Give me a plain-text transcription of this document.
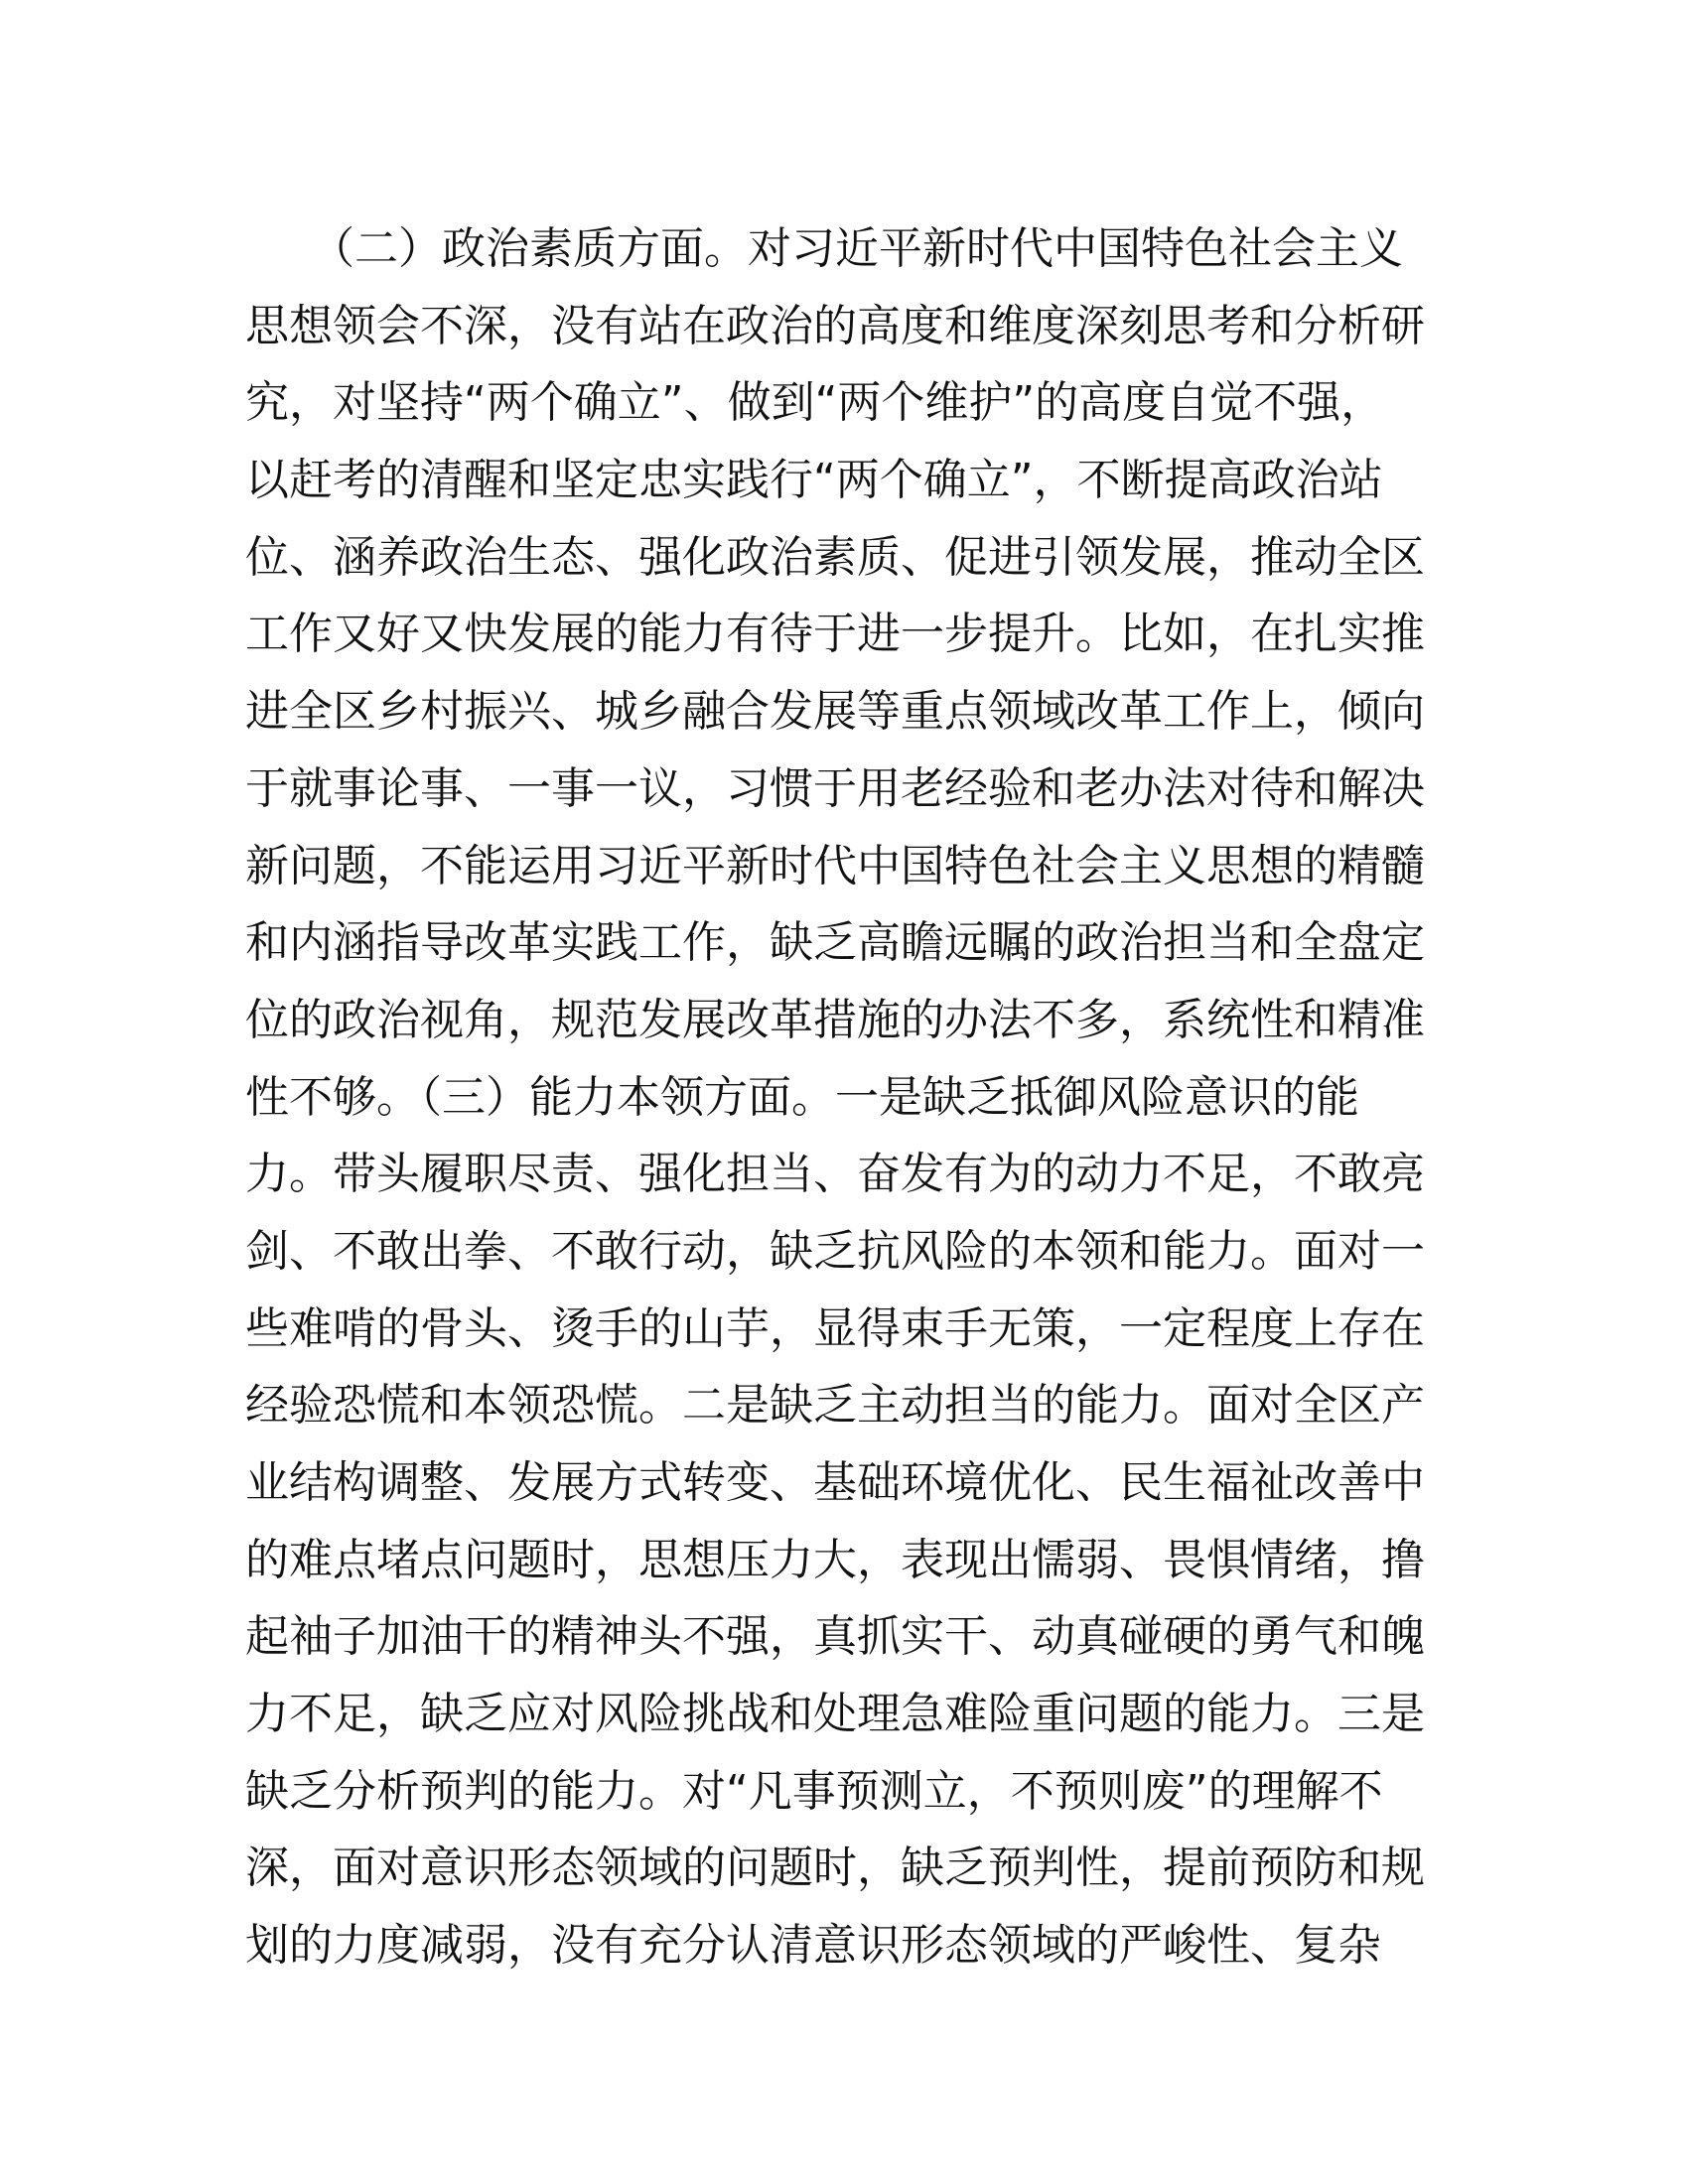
　　（二）政治素质方面。对习近平新时代中国特色社会主义
思想领会不深，没有站在政治的高度和维度深刻思考和分析研
究，对坚持“两个确立”、做到“两个维护”的高度自觉不强，
以赶考的清醒和坚定忠实践行“两个确立”，不断提高政治站
位、涵养政治生态、强化政治素质、促进引领发展，推动全区
工作又好又快发展的能力有待于进一步提升。比如，在扎实推
进全区乡村振兴、城乡融合发展等重点领域改革工作上，倾向
于就事论事、一事一议，习惯于用老经验和老办法对待和解决
新问题，不能运用习近平新时代中国特色社会主义思想的精髓
和内涵指导改革实践工作，缺乏高瞻远瞩的政治担当和全盘定
位的政治视角，规范发展改革措施的办法不多，系统性和精准
性不够。（三）能力本领方面。一是缺乏抵御风险意识的能
力。带头履职尽责、强化担当、奋发有为的动力不足，不敢亮
剑、不敢出拳、不敢行动，缺乏抗风险的本领和能力。面对一
些难啃的骨头、烫手的山芋，显得束手无策，一定程度上存在
经验恐慌和本领恐慌。二是缺乏主动担当的能力。面对全区产
业结构调整、发展方式转变、基础环境优化、民生福祉改善中
的难点堵点问题时，思想压力大，表现出懦弱、畏惧情绪，撸
起袖子加油干的精神头不强，真抓实干、动真碰硬的勇气和魄
力不足，缺乏应对风险挑战和处理急难险重问题的能力。三是
缺乏分析预判的能力。对“凡事预测立，不预则废”的理解不
深，面对意识形态领域的问题时，缺乏预判性，提前预防和规
划的力度减弱，没有充分认清意识形态领域的严峻性、复杂
